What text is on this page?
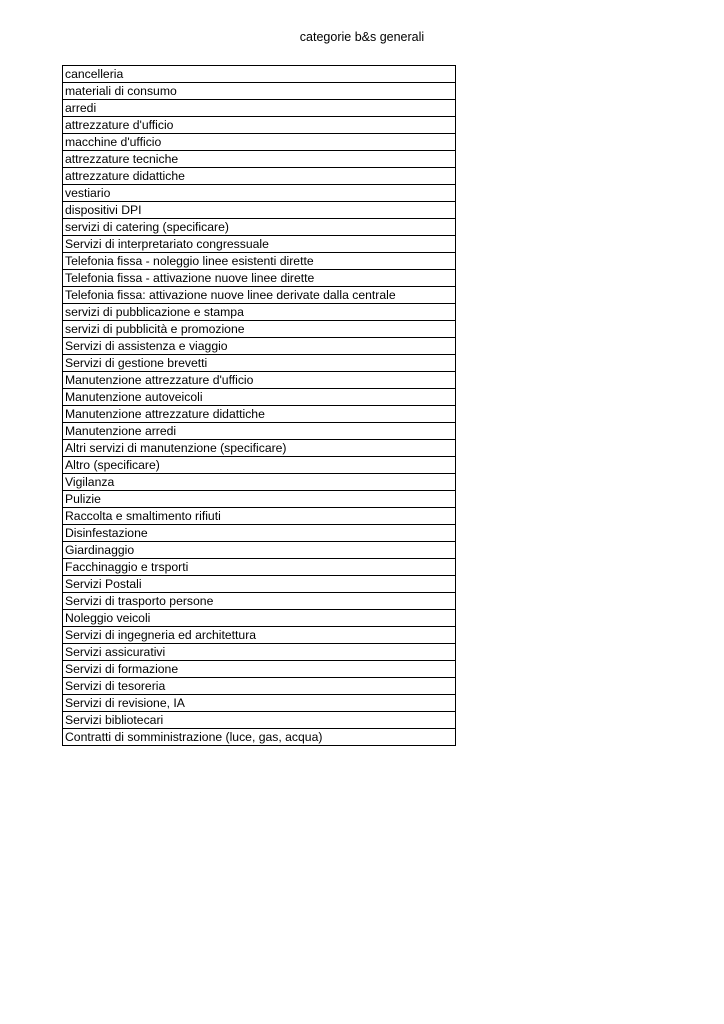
categorie b&s generali
cancelleria
materiali di consumo
arredi
attrezzature d'ufficio
macchine d'ufficio
attrezzature tecniche
attrezzature didattiche
vestiario
dispositivi DPI
servizi di catering (specificare)
Servizi di interpretariato congressuale
Telefonia fissa - noleggio linee esistenti dirette
Telefonia fissa - attivazione nuove linee dirette
Telefonia fissa: attivazione nuove linee derivate dalla centrale
servizi di pubblicazione e stampa
servizi di pubblicità e promozione
Servizi di assistenza e viaggio
Servizi di gestione brevetti
Manutenzione attrezzature d'ufficio
Manutenzione autoveicoli
Manutenzione attrezzature didattiche
Manutenzione arredi
Altri servizi di manutenzione (specificare)
Altro (specificare)
Vigilanza
Pulizie
Raccolta e smaltimento rifiuti
Disinfestazione
Giardinaggio
Facchinaggio e trsporti
Servizi Postali
Servizi di trasporto persone
Noleggio veicoli
Servizi di ingegneria ed architettura
Servizi assicurativi
Servizi di formazione
Servizi di tesoreria
Servizi di revisione, IA
Servizi bibliotecari
Contratti di somministrazione (luce, gas, acqua)
